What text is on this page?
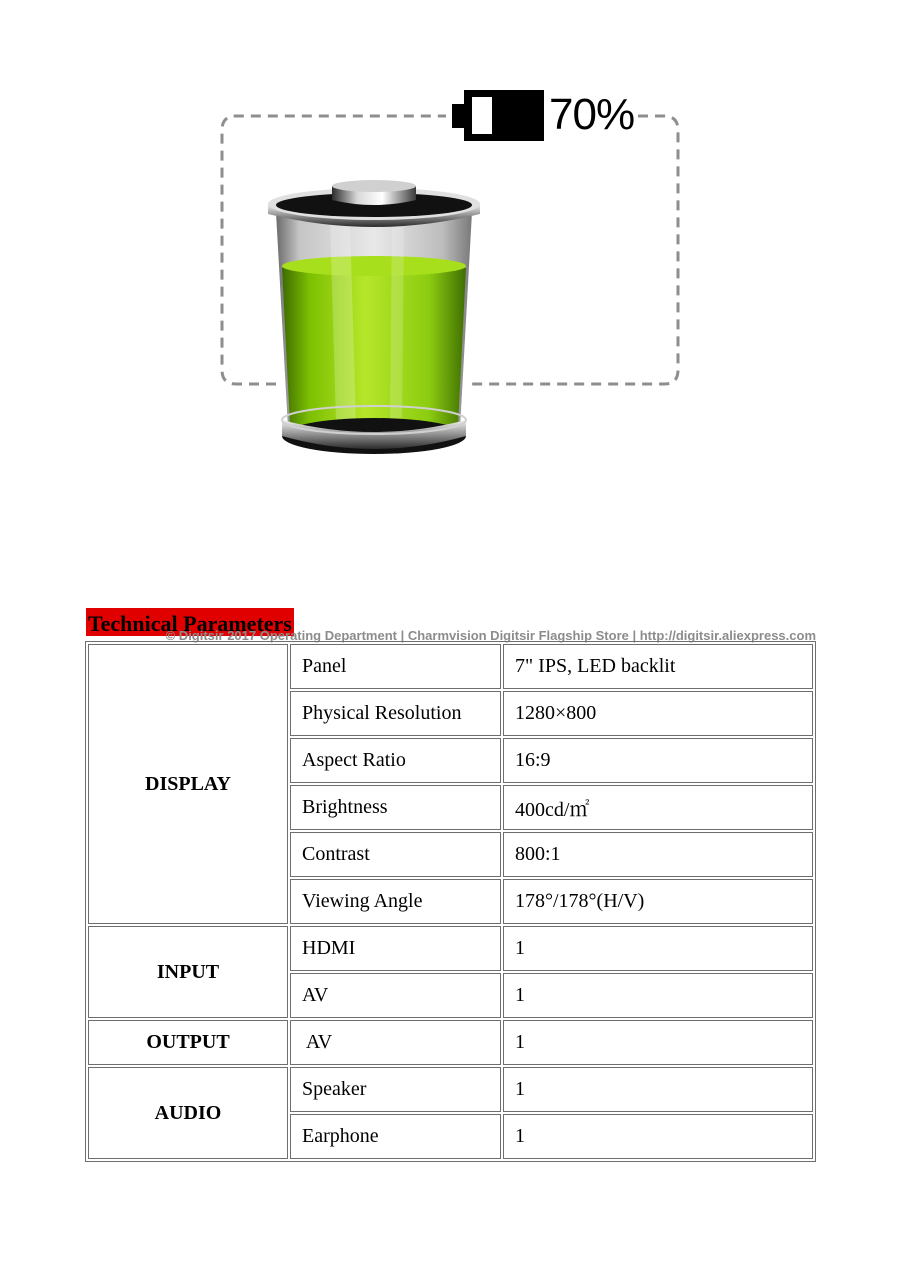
70%
Technical Parameters
© Digitsir 2017 Operating Department | Charmvision Digitsir Flagship Store | http://digitsir.aliexpress.com
DISPLAY	Panel	7" IPS, LED backlit
	Physical Resolution	1280×800
	Aspect Ratio	16:9
	Brightness	400cd/㎡
	Contrast	800:1
	Viewing Angle	178°/178°(H/V)
INPUT	HDMI	1
	AV	1
OUTPUT	AV	1
AUDIO	Speaker	1
	Earphone	1
